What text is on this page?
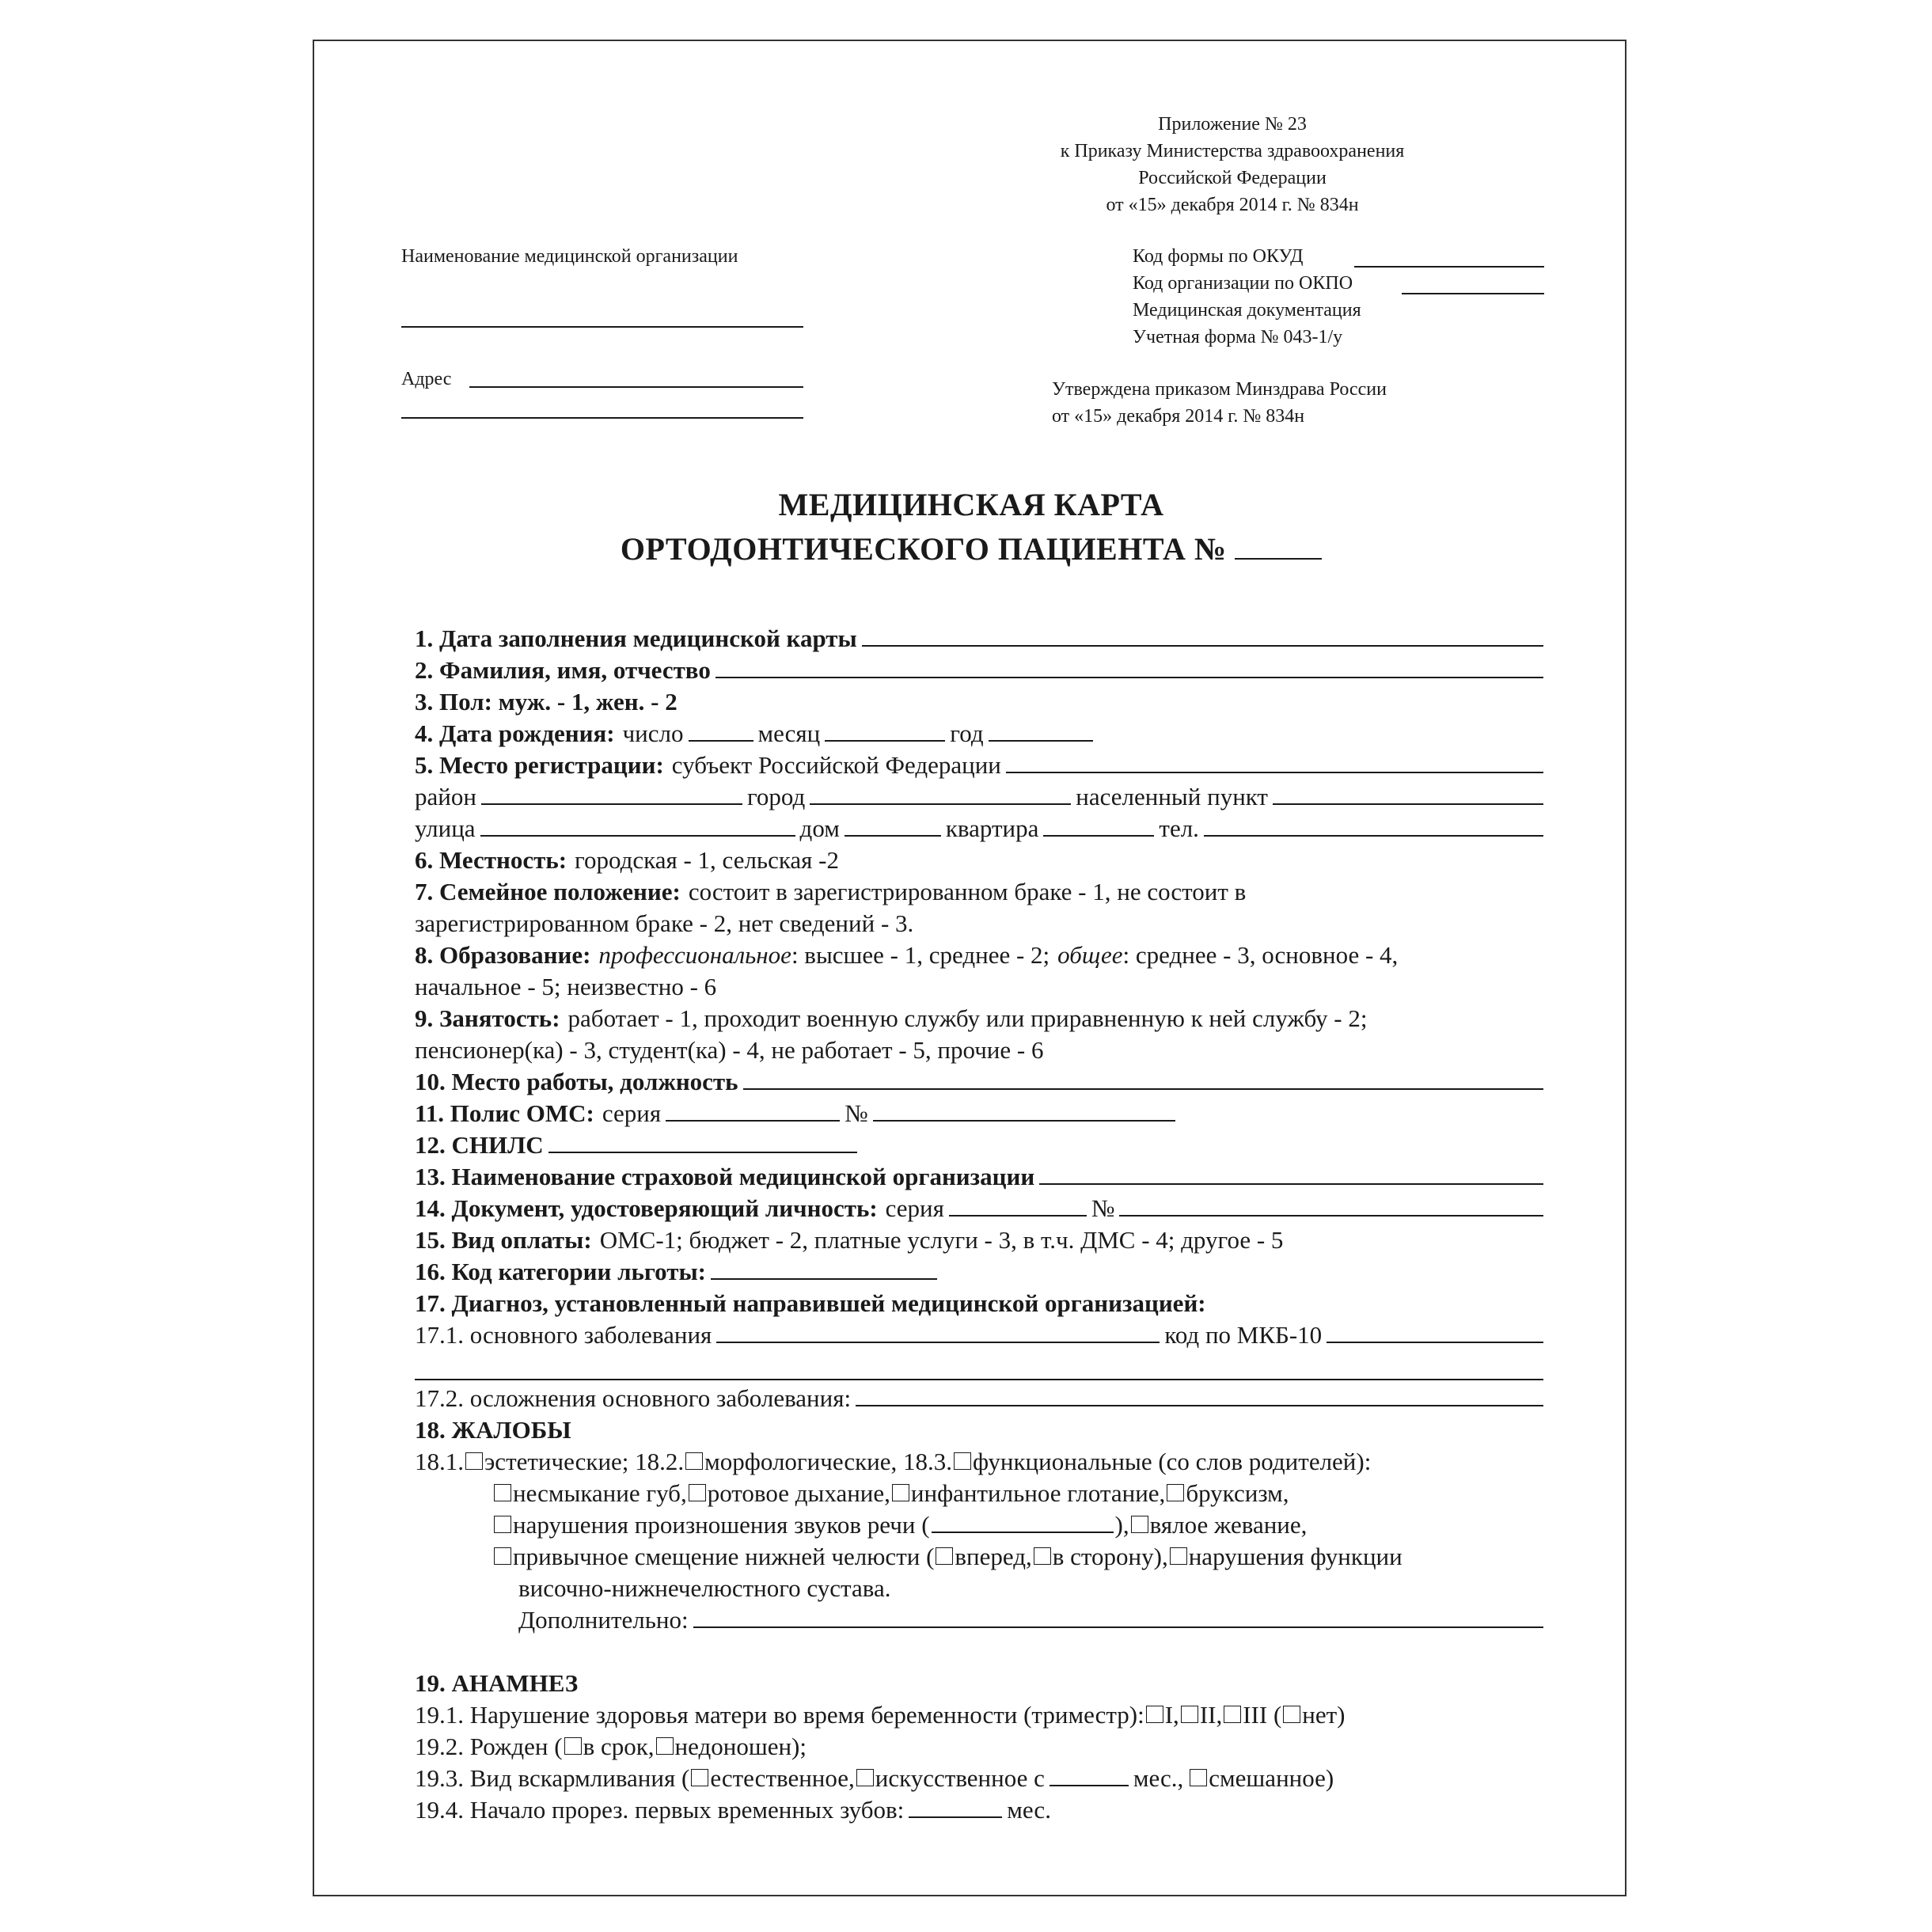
Приложение № 23
к Приказу Министерства здравоохранения
Российской Федерации
от «15» декабря 2014 г. № 834н
Наименование медицинской организации
Адрес
Код формы по ОКУД
Код организации по ОКПО
Медицинская документация
Учетная форма № 043-1/у
Утверждена приказом Минздрава России
от «15» декабря 2014 г. № 834н
МЕДИЦИНСКАЯ КАРТА
ОРТОДОНТИЧЕСКОГО ПАЦИЕНТА №
1. Дата заполнения медицинской карты
2. Фамилия, имя, отчество
3. Пол: муж. - 1, жен. - 2
4. Дата рождения: число	месяц	год
5. Место регистрации: субъект Российской Федерации
район	город	населенный пункт
улица	дом	квартира	тел.
6. Местность: городская - 1, сельская -2
7. Семейное положение: состоит в зарегистрированном браке - 1, не состоит в
зарегистрированном браке - 2, нет сведений - 3.
8. Образование: профессиональное : высшее - 1, среднее - 2; общее : среднее - 3, основное - 4,
начальное - 5; неизвестно - 6
9. Занятость: работает - 1, проходит военную службу или приравненную к ней службу - 2;
пенсионер(ка) - 3, студент(ка) - 4, не работает - 5, прочие - 6
10. Место работы, должность
11. Полис ОМС: серия	№
12. СНИЛС
13. Наименование страховой медицинской организации
14. Документ, удостоверяющий личность: серия	№
15. Вид оплаты: ОМС-1; бюджет - 2, платные услуги - 3, в т.ч. ДМС - 4; другое - 5
16. Код категории льготы:
17. Диагноз, установленный направившей медицинской организацией:
17.1. основного заболевания	код по МКБ-10
17.2. осложнения основного заболевания:
18. ЖАЛОБЫ
18.1. эстетические; 18.2. морфологические, 18.3. функциональные (со слов родителей):
несмыкание губ, ротовое дыхание, инфантильное глотание, бруксизм,
нарушения произношения звуков речи (	), вялое жевание,
привычное смещение нижней челюсти ( вперед, в сторону), нарушения функции
височно-нижнечелюстного сустава.
Дополнительно:
19. АНАМНЕЗ
19.1. Нарушение здоровья матери во время беременности (триместр): I, II, III ( нет)
19.2. Рожден ( в срок, недоношен);
19.3. Вид вскармливания ( естественное, искусственное с	мес., смешанное)
19.4. Начало прорез. первых временных зубов:	мес.
